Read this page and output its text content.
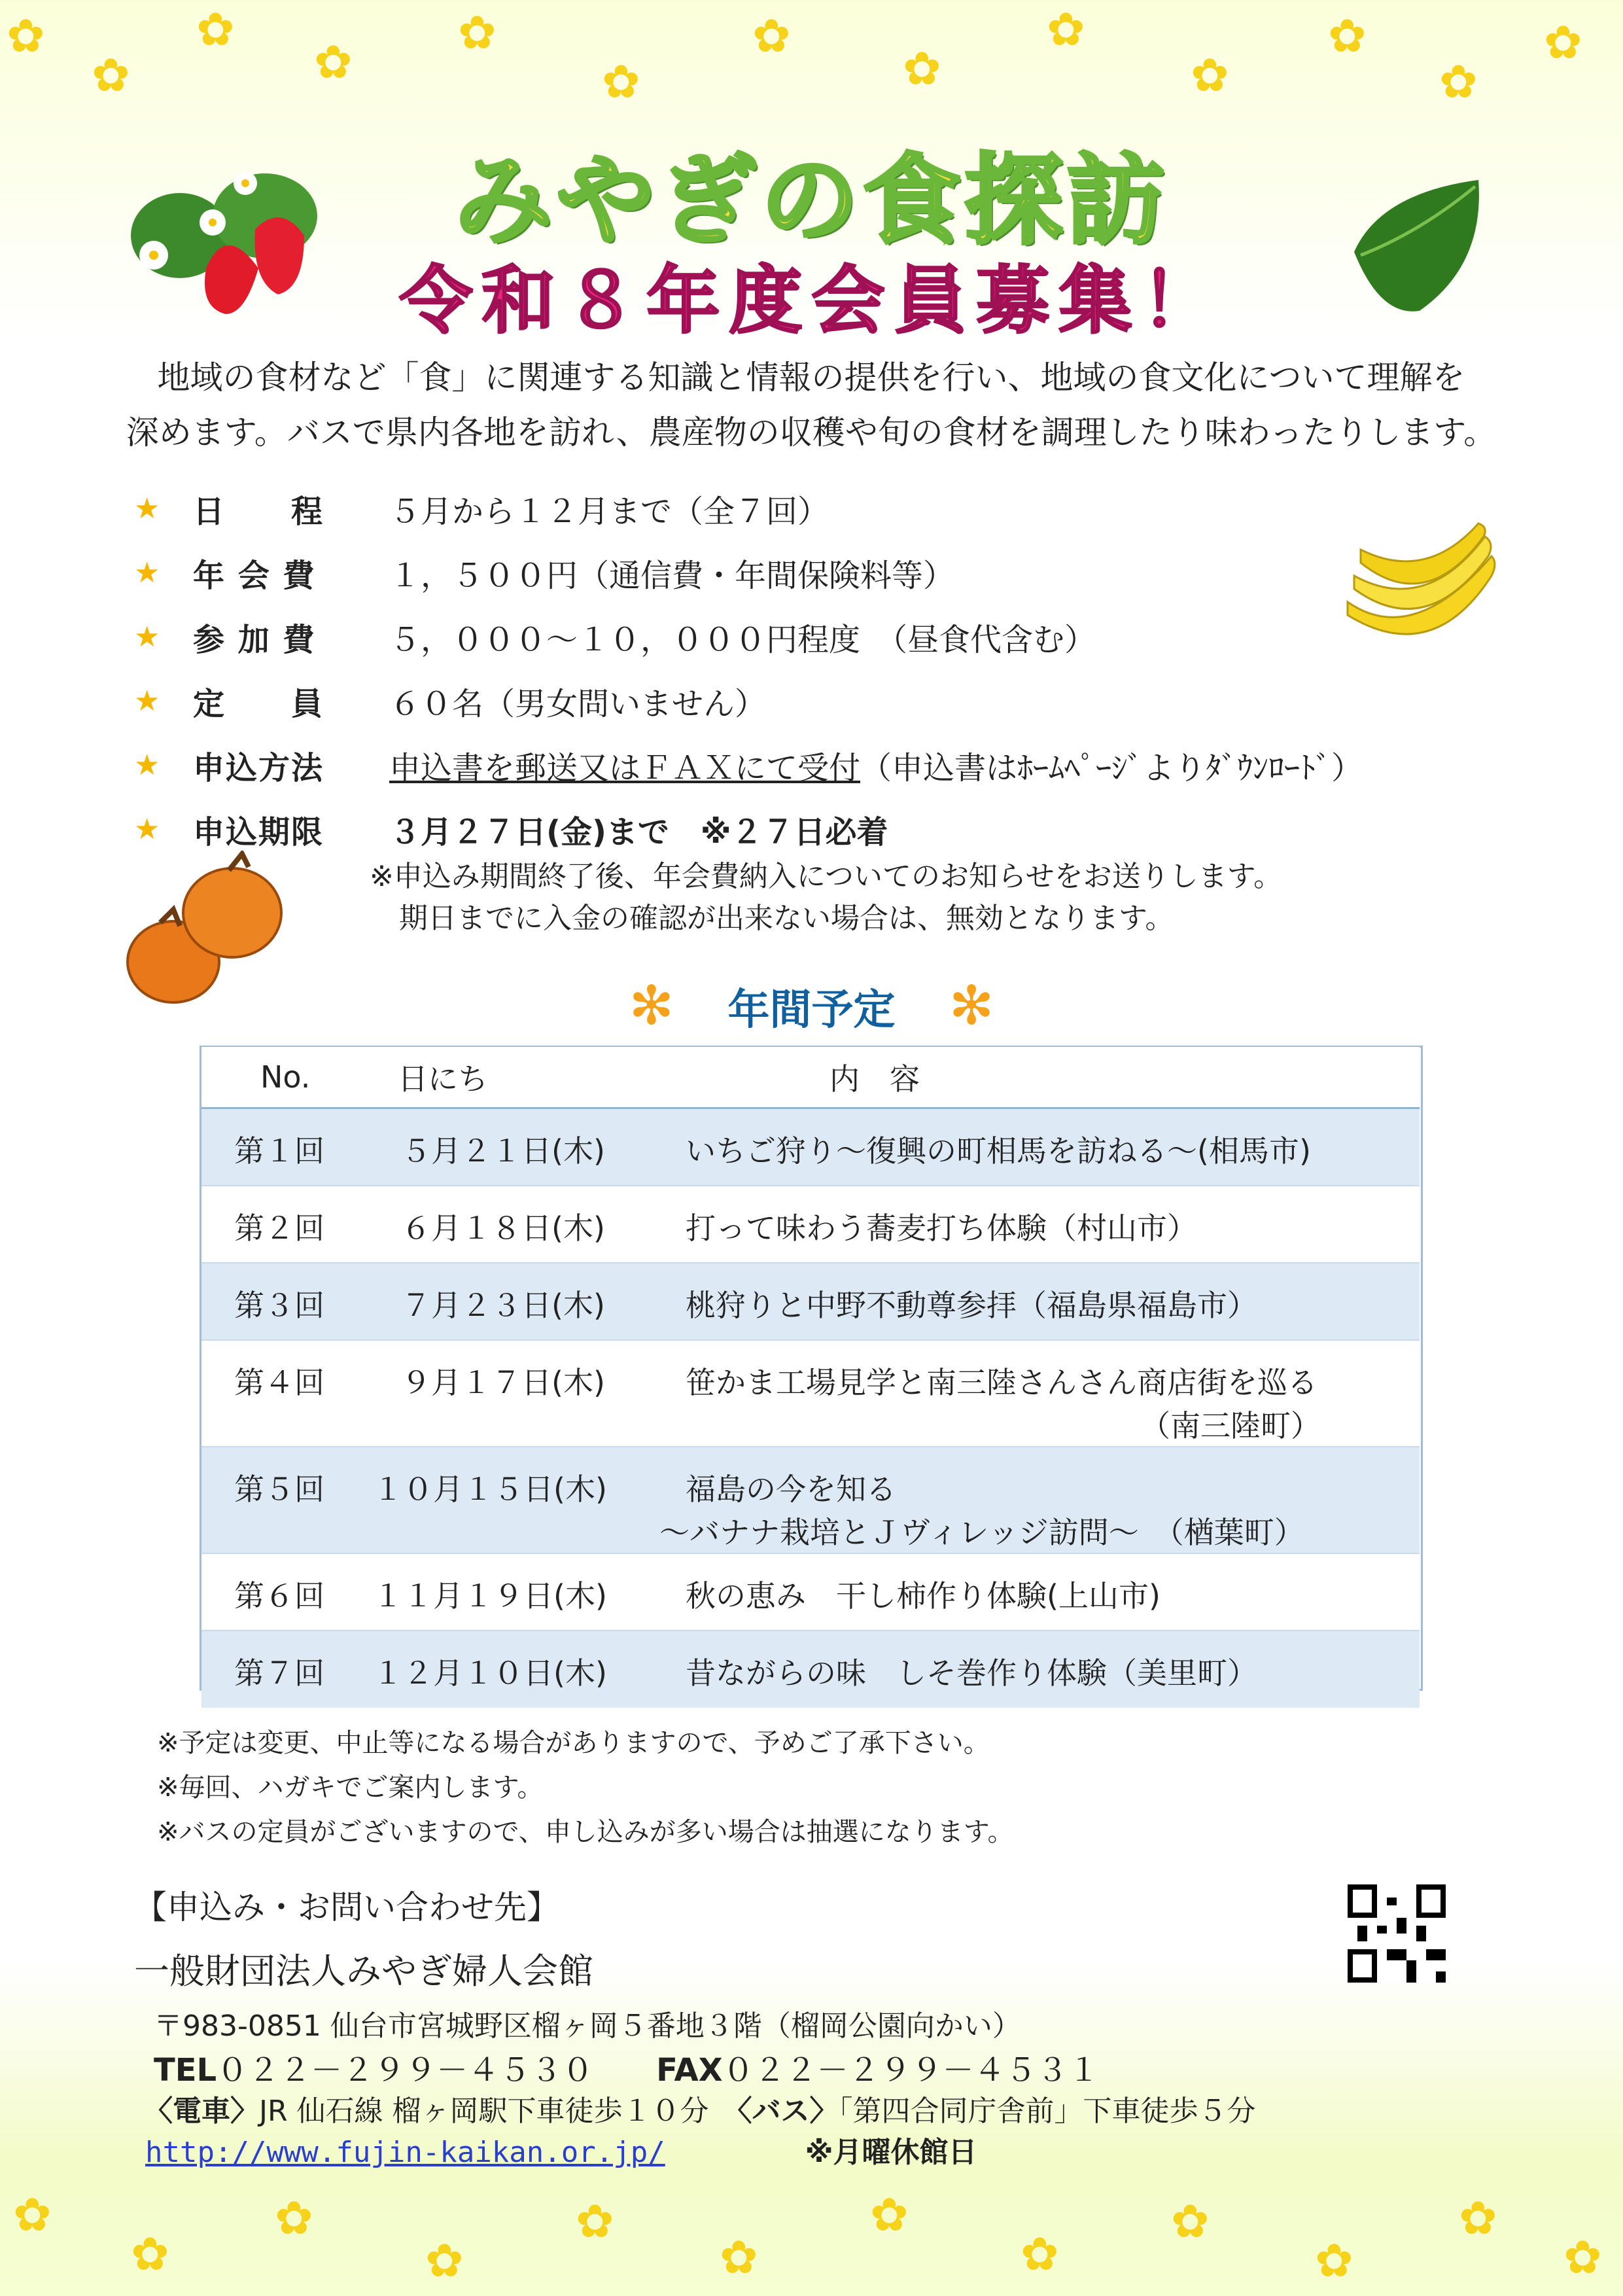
✿
✿
✿
✿
✿
✿
✿
✿
✿
✿
✿
✿
✿
みやぎの食探訪
令和８年度会員募集！
地域の食材など「食」に関連する知識と情報の提供を行い、地域の食文化について理解を
深めます。バスで県内各地を訪れ、農産物の収穫や旬の食材を調理したり味わったりします。
★	日　　程	５月から１２月まで（全７回）
★	年 会 費	１，５００円（通信費・年間保険料等）
★	参 加 費	５，０００～１０，０００円程度　（昼食代含む）
★	定　　員	６０名（男女問いません）
★	申込方法	申込書を郵送又はＦＡＸにて受付（申込書はﾎｰﾑﾍﾟｰｼﾞよりﾀﾞｳﾝﾛｰﾄﾞ）
★	申込期限	３月２７日(金)まで　※２７日必着
※申込み期間終了後、年会費納入についてのお知らせをお送りします。
期日までに入金の確認が出来ない場合は、無効となります。
✻ 年間予定 ✻
No.	日にち	内　容
第１回	５月２１日(木)	いちご狩り～復興の町相馬を訪ねる～(相馬市)
第２回	６月１８日(木)	打って味わう蕎麦打ち体験（村山市）
第３回	７月２３日(木)	桃狩りと中野不動尊参拝（福島県福島市）
第４回	９月１７日(木)	笹かま工場見学と南三陸さんさん商店街を巡る
（南三陸町）

第５回	１０月１５日(木)	福島の今を知る
～バナナ栽培とＪヴィレッジ訪問～　 （楢葉町）

第６回	１１月１９日(木)	秋の恵み　干し柿作り体験(上山市)
第７回	１２月１０日(木)	昔ながらの味　しそ巻作り体験（美里町）
※予定は変更、中止等になる場合がありますので、予めご了承下さい。
※毎回、ハガキでご案内します。
※バスの定員がございますので、申し込みが多い場合は抽選になります。
【申込み・お問い合わせ先】
一般財団法人みやぎ婦人会館
〒983-0851 仙台市宮城野区榴ヶ岡５番地３階（榴岡公園向かい）
TEL０２２－２９９－４５３０　　 FAX０２２－２９９－４５３１
〈電車〉JR 仙石線 榴ヶ岡駅下車徒歩１０分　 〈バス〉「第四合同庁舎前」下車徒歩５分
http://www.fujin-kaikan.or.jp/	※月曜休館日
✿
✿
✿
✿
✿
✿
✿
✿
✿
✿
✿
✿
